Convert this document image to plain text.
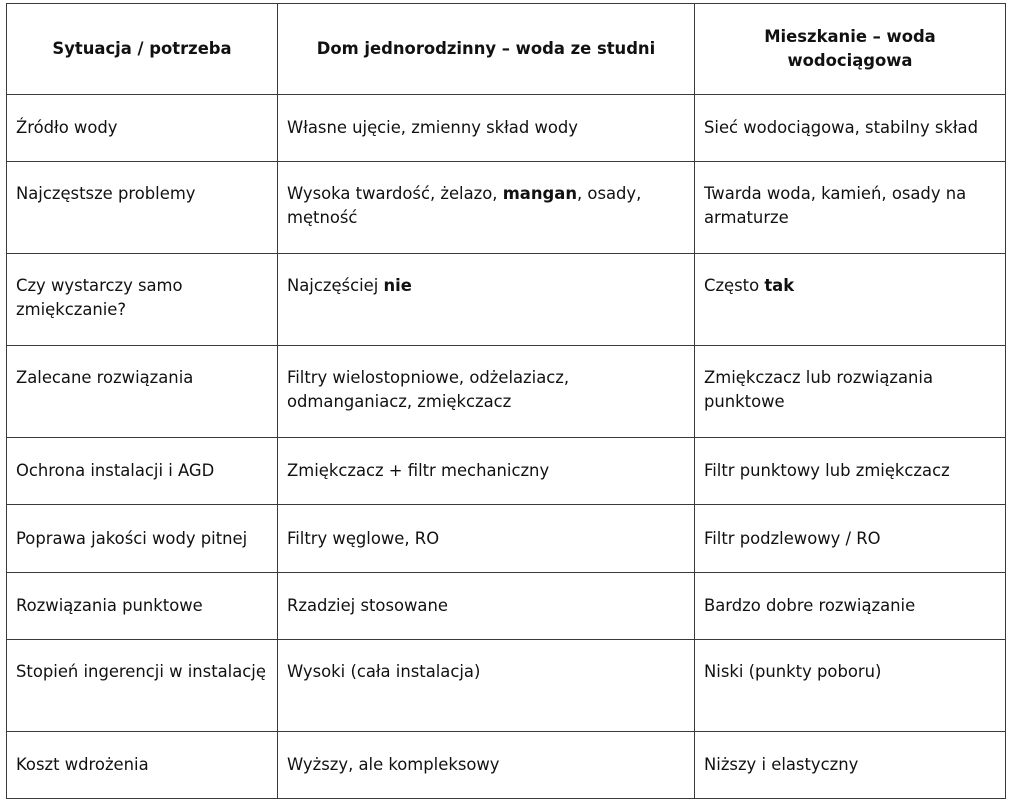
Sytuacja / potrzeba	Dom jednorodzinny – woda ze studni	Mieszkanie – woda wodociągowa
Źródło wody	Własne ujęcie, zmienny skład wody	Sieć wodociągowa, stabilny skład
Najczęstsze problemy	Wysoka twardość, żelazo, mangan, osady, mętność	Twarda woda, kamień, osady na armaturze
Czy wystarczy samo zmiękczanie?	Najczęściej nie	Często tak
Zalecane rozwiązania	Filtry wielostopniowe, odżelaziacz, odmanganiacz, zmiękczacz	Zmiękczacz lub rozwiązania punktowe
Ochrona instalacji i AGD	Zmiękczacz + filtr mechaniczny	Filtr punktowy lub zmiękczacz
Poprawa jakości wody pitnej	Filtry węglowe, RO	Filtr podzlewowy / RO
Rozwiązania punktowe	Rzadziej stosowane	Bardzo dobre rozwiązanie
Stopień ingerencji w instalację	Wysoki (cała instalacja)	Niski (punkty poboru)
Koszt wdrożenia	Wyższy, ale kompleksowy	Niższy i elastyczny
